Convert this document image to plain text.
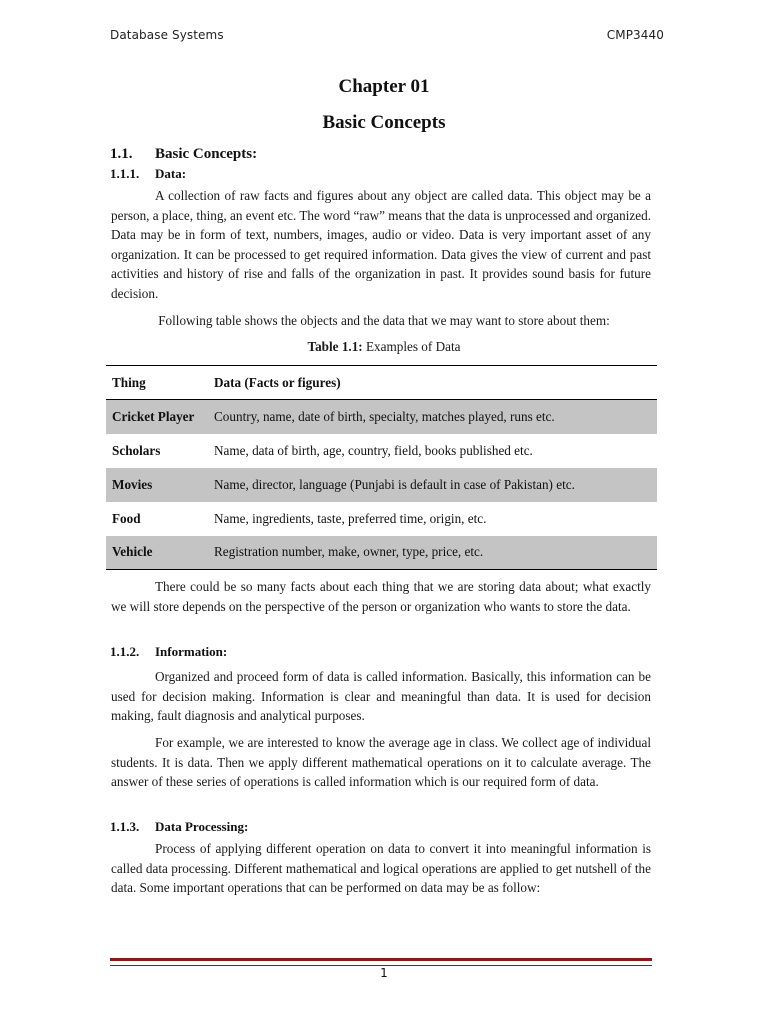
Database Systems	CMP3440
Chapter 01
Basic Concepts
1.1. Basic Concepts:
1.1.1. Data:
A collection of raw facts and figures about any object are called data. This object may be a person, a place, thing, an event etc. The word “raw” means that the data is unprocessed and organized. Data may be in form of text, numbers, images, audio or video. Data is very important asset of any organization. It can be processed to get required information. Data gives the view of current and past activities and history of rise and falls of the organization in past. It provides sound basis for future decision.
Following table shows the objects and the data that we may want to store about them:
Table 1.1: Examples of Data
Thing	Data (Facts or figures)
Cricket Player	Country, name, date of birth, specialty, matches played, runs etc.
Scholars	Name, data of birth, age, country, field, books published etc.
Movies	Name, director, language (Punjabi is default in case of Pakistan) etc.
Food	Name, ingredients, taste, preferred time, origin, etc.
Vehicle	Registration number, make, owner, type, price, etc.
There could be so many facts about each thing that we are storing data about; what exactly we will store depends on the perspective of the person or organization who wants to store the data.
1.1.2. Information:
Organized and proceed form of data is called information. Basically, this information can be used for decision making. Information is clear and meaningful than data. It is used for decision making, fault diagnosis and analytical purposes.
For example, we are interested to know the average age in class. We collect age of individual students. It is data. Then we apply different mathematical operations on it to calculate average. The answer of these series of operations is called information which is our required form of data.
1.1.3. Data Processing:
Process of applying different operation on data to convert it into meaningful information is called data processing. Different mathematical and logical operations are applied to get nutshell of the data. Some important operations that can be performed on data may be as follow:
1
